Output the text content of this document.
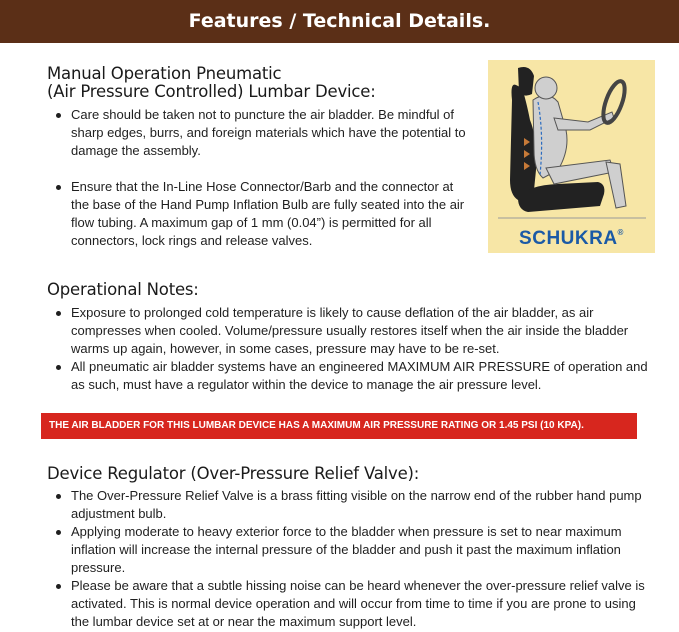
Features / Technical Details.
Manual Operation Pneumatic
(Air Pressure Controlled) Lumbar Device:
Care should be taken not to puncture the air bladder. Be mindful of sharp edges, burrs, and foreign materials which have the potential to damage the assembly.
Ensure that the In-Line Hose Connector/Barb and the connector at the base of the Hand Pump Inflation Bulb are fully seated into the air flow tubing. A maximum gap of 1 mm (0.04”) is permitted for all connectors, lock rings and release valves.	SCHUKRA®
Operational Notes:
Exposure to prolonged cold temperature is likely to cause deflation of the air bladder, as air compresses when cooled. Volume/pressure usually restores itself when the air inside the bladder warms up again, however, in some cases, pressure may have to be re-set.
All pneumatic air bladder systems have an engineered MAXIMUM AIR PRESSURE of operation and as such, must have a regulator within the device to manage the air pressure level.
THE AIR BLADDER FOR THIS LUMBAR DEVICE HAS A MAXIMUM AIR PRESSURE RATING OR 1.45 PSI (10 KPA).
Device Regulator (Over-Pressure Relief Valve):
The Over-Pressure Relief Valve is a brass fitting visible on the narrow end of the rubber hand pump adjustment bulb.
Applying moderate to heavy exterior force to the bladder when pressure is set to near maximum inflation will increase the internal pressure of the bladder and push it past the maximum inflation pressure.
Please be aware that a subtle hissing noise can be heard whenever the over-pressure relief valve is activated. This is normal device operation and will occur from time to time if you are prone to using the lumbar device set at or near the maximum support level.
